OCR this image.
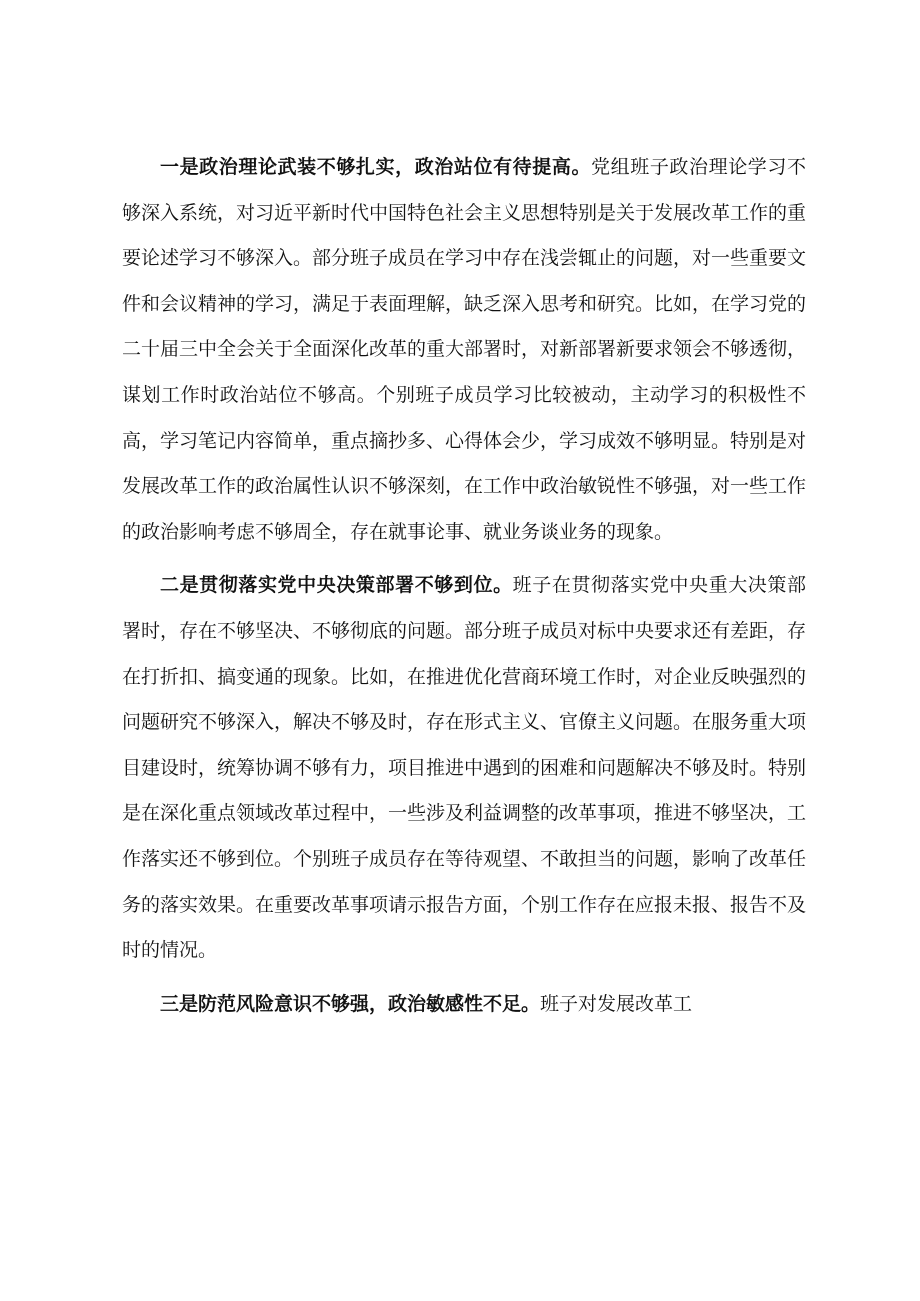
一是政治理论武装不够扎实，政治站位有待提高。党组班子政治理论学习不够深入系统，对习近平新时代中国特色社会主义思想特别是关于发展改革工作的重要论述学习不够深入。部分班子成员在学习中存在浅尝辄止的问题，对一些重要文件和会议精神的学习，满足于表面理解，缺乏深入思考和研究。比如，在学习党的二十届三中全会关于全面深化改革的重大部署时，对新部署新要求领会不够透彻，谋划工作时政治站位不够高。个别班子成员学习比较被动，主动学习的积极性不高，学习笔记内容简单，重点摘抄多、心得体会少，学习成效不够明显。特别是对发展改革工作的政治属性认识不够深刻，在工作中政治敏锐性不够强，对一些工作的政治影响考虑不够周全，存在就事论事、就业务谈业务的现象。

二是贯彻落实党中央决策部署不够到位。班子在贯彻落实党中央重大决策部署时，存在不够坚决、不够彻底的问题。部分班子成员对标中央要求还有差距，存在打折扣、搞变通的现象。比如，在推进优化营商环境工作时，对企业反映强烈的问题研究不够深入，解决不够及时，存在形式主义、官僚主义问题。在服务重大项目建设时，统筹协调不够有力，项目推进中遇到的困难和问题解决不够及时。特别是在深化重点领域改革过程中，一些涉及利益调整的改革事项，推进不够坚决，工作落实还不够到位。个别班子成员存在等待观望、不敢担当的问题，影响了改革任务的落实效果。在重要改革事项请示报告方面，个别工作存在应报未报、报告不及时的情况。

三是防范风险意识不够强，政治敏感性不足。班子对发展改革工
